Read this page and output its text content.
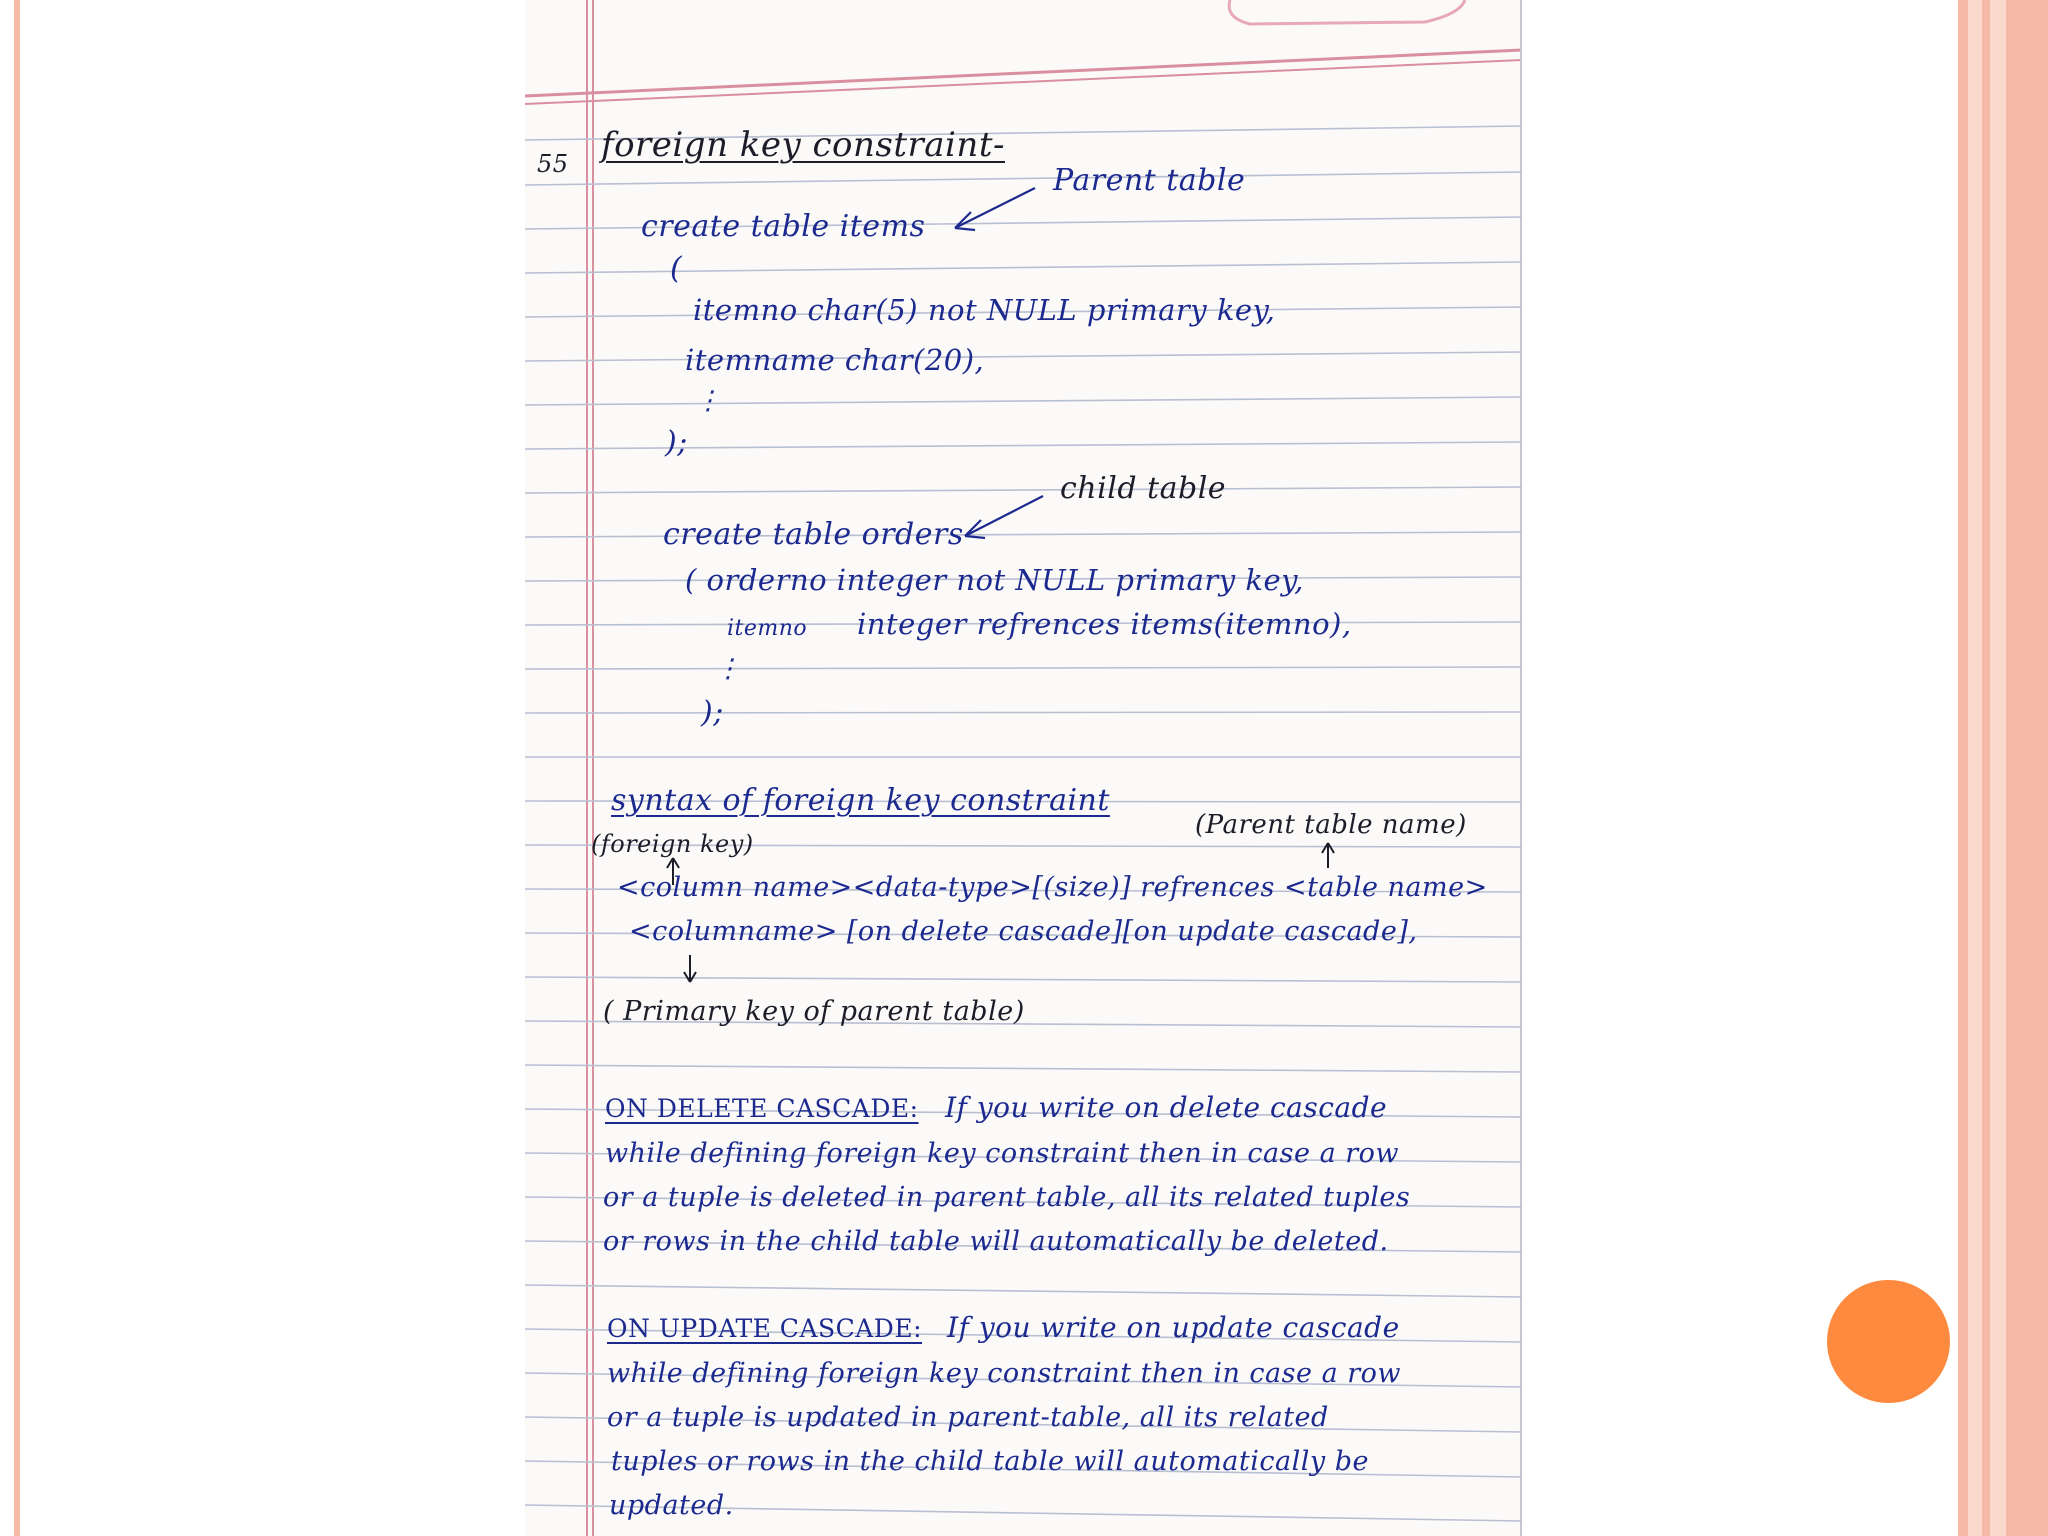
55 foreign key constraint-
Parent table
create table items
(
itemno char(5) not NULL primary key,
itemname char(20),
⋮
);
child table
create table orders
( orderno integer not NULL primary key,
itemno integer refrences items(itemno),
⋮
);
syntax of foreign key constraint
(foreign key)
(Parent table name)
<column name><data-type>[(size)] refrences <table name>
<columname> [on delete cascade][on update cascade],
( Primary key of parent table)
ON DELETE CASCADE: If you write on delete cascade
while defining foreign key constraint then in case a row
or a tuple is deleted in parent table, all its related tuples
or rows in the child table will automatically be deleted.
ON UPDATE CASCADE: If you write on update cascade
while defining foreign key constraint then in case a row
or a tuple is updated in parent-table, all its related
tuples or rows in the child table will automatically be
updated.
